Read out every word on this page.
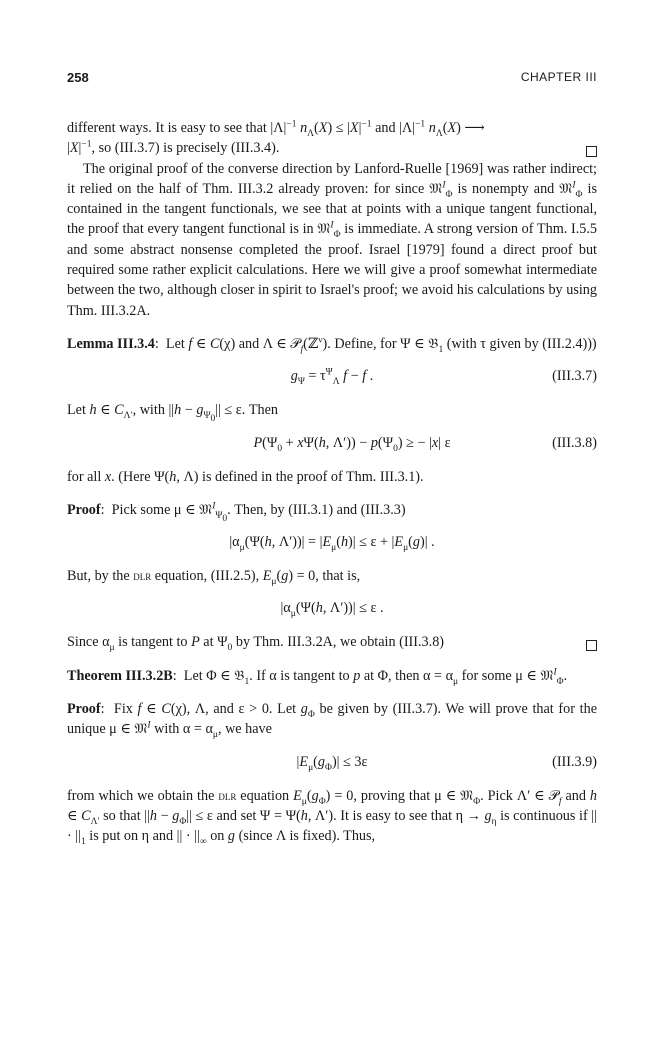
258	CHAPTER III

different ways. It is easy to see that $|\Lambda|^{-1}$ $n_\Lambda(X) \le |X|^{-1}$ and $|\Lambda|^{-1}$ $n_\Lambda(X)$ ⟶
$|X|^{-1}$, so (III.3.7) is precisely (III.3.4).

The original proof of the converse direction by Lanford-Ruelle [1969] was rather indirect; it relied on the half of Thm. III.3.2 already proven: for since 𝔐$^I_\Phi$ is nonempty and 𝔐$^I_\Phi$ is contained in the tangent functionals, we see that at points with a unique tangent functional, the proof that every tangent functional is in 𝔐$^I_\Phi$ is immediate. A strong version of Thm. I.5.5 and some abstract nonsense completed the proof. Israel [1979] found a direct proof but required some rather explicit calculations. Here we will give a proof somewhat intermediate between the two, although closer in spirit to Israel's proof; we avoid his calculations by using Thm. III.3.2A.

Lemma III.3.4:  Let f ∈ C(χ) and Λ ∈ 𝒫$_f$(ℤ$^\nu$). Define, for Ψ ∈ 𝔅$_1$ (with τ given by (III.2.4)))

$g_\Psi = \tau^\Psi_\Lambda$ f − f .	(III.3.7)

Let h ∈ $C_{\Lambda'}$, with $||h - g_{\Psi_0}|| \le \varepsilon$. Then

$P(\Psi_0 + x\Psi(h$, $\Lambda')) - p(\Psi_0)$ ≥ − |x| ε	(III.3.8)

for all x. (Here Ψ(h, Λ) is defined in the proof of Thm. III.3.1).

Proof:  Pick some μ ∈ 𝔐$^I_{\Psi_0}$. Then, by (III.3.1) and (III.3.3)

$|\alpha_\mu(\Psi(h$, $\Lambda'))| = |E_\mu(h)| \le \varepsilon + |E_\mu(g)|$ .

But, by the dlr equation, (III.2.5), $E_\mu(g) = 0$, that is,

$|\alpha_\mu(\Psi(h$, Λ′))| ≤ ε .

Since $\alpha_\mu$ is tangent to P at $\Psi_0$ by Thm. III.3.2A, we obtain (III.3.8)

Theorem III.3.2B:  Let Φ ∈ 𝔅$_1$. If α is tangent to p at Φ, then $\alpha = \alpha_\mu$ for some μ ∈ 𝔐$^I_\Phi$.

Proof:  Fix f ∈ C(χ), Λ, and ε > 0. Let $g_\Phi$ be given by (III.3.7). We will prove that for the unique μ ∈ 𝔐$^I$ with $\alpha = \alpha_\mu$, we have

$|E_\mu(g_\Phi)| \le 3\varepsilon$	(III.3.9)

from which we obtain the dlr equation $E_\mu(g_\Phi) = 0$, proving that μ ∈ 𝔐$_\Phi$. Pick Λ′ ∈ 𝒫$_f$ and h ∈ $C_{\Lambda'}$ so that $||h - g_\Phi|| \le \varepsilon$ and set Ψ = Ψ(h, Λ′). It is easy to see that $\eta \to g_\eta$ is continuous if || · $||_1$ is put on η and || · $||_\infty$ on g (since Λ is fixed). Thus,
